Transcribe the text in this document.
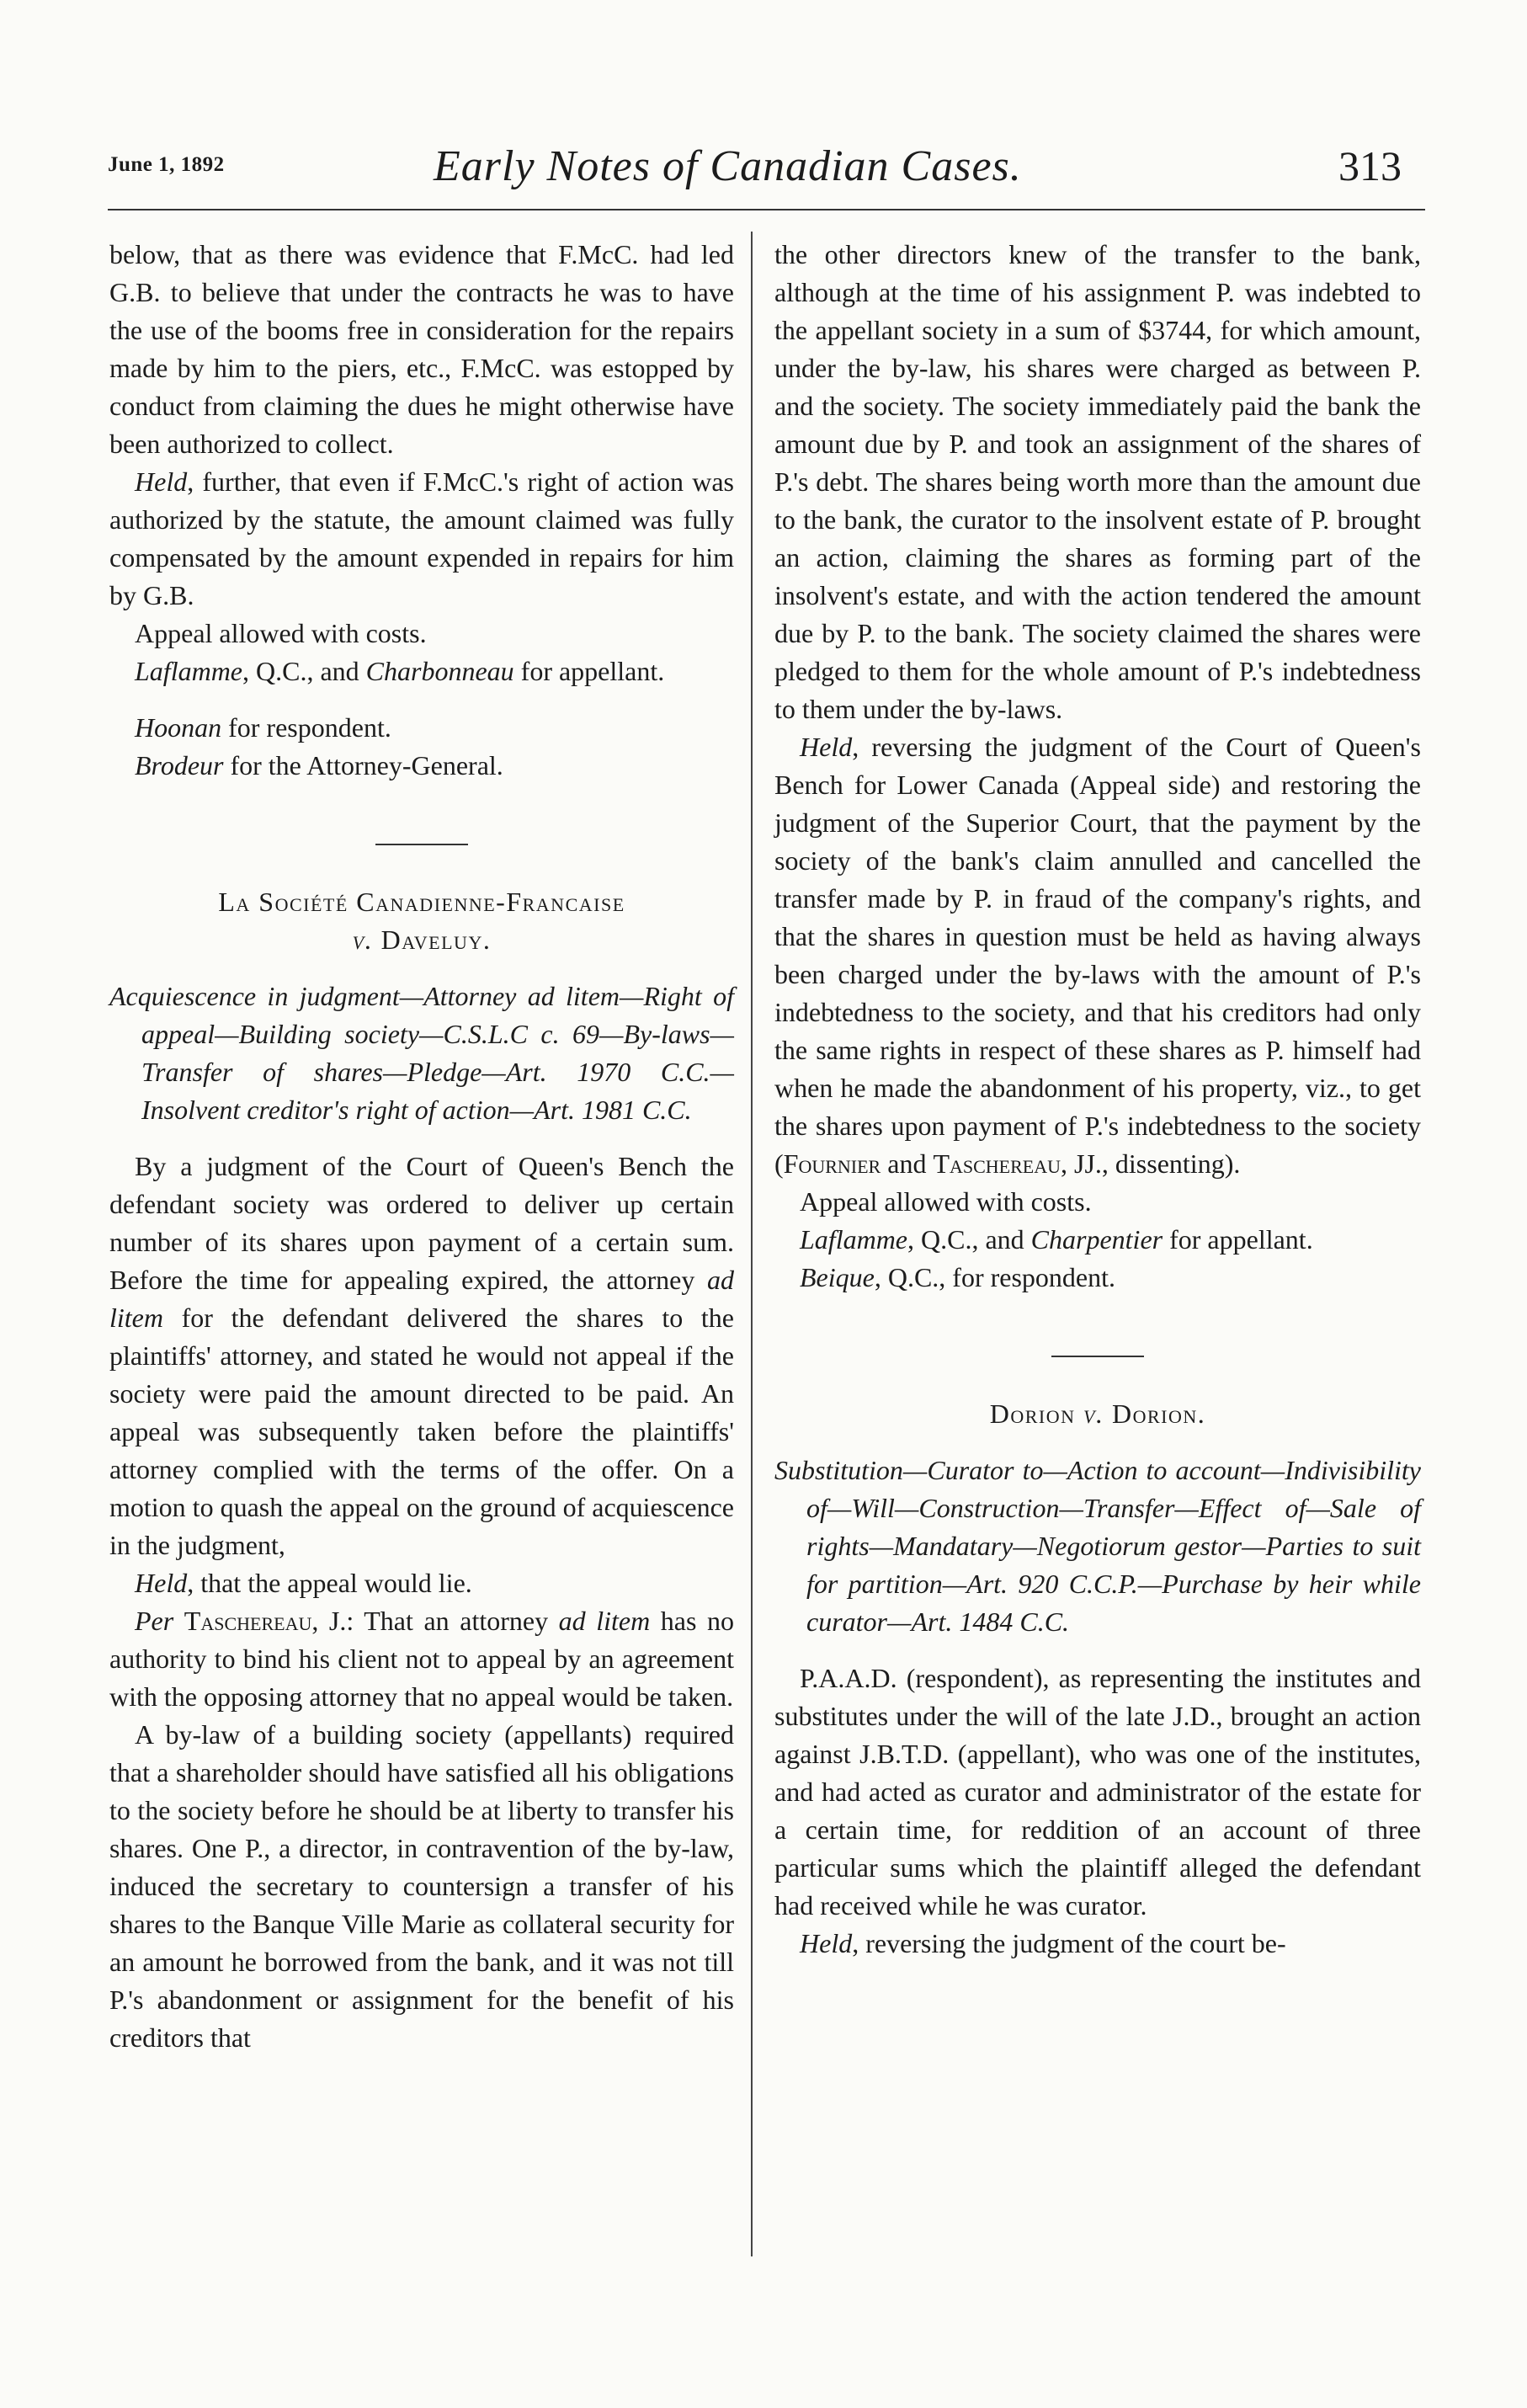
June 1, 1892	Early Notes of Canadian Cases.	313

below, that as there was evidence that F.McC. had led G.B. to believe that under the contracts he was to have the use of the booms free in consideration for the repairs made by him to the piers, etc., F.McC. was estopped by conduct from claiming the dues he might otherwise have been authorized to collect.

Held, further, that even if F.McC.'s right of action was authorized by the statute, the amount claimed was fully compensated by the amount expended in repairs for him by G.B.

Appeal allowed with costs.

Laflamme, Q.C., and Charbonneau for appellant.

Hoonan for respondent.

Brodeur for the Attorney-General.

La Société Canadienne-Francaise

v. Daveluy.

Acquiescence in judgment—Attorney ad litem—Right of appeal—Building society—C.S.L.C c. 69—By-laws—Transfer of shares—Pledge—Art. 1970 C.C.—Insolvent creditor's right of action—Art. 1981 C.C.

By a judgment of the Court of Queen's Bench the defendant society was ordered to deliver up certain number of its shares upon payment of a certain sum. Before the time for appealing expired, the attorney ad litem for the defendant delivered the shares to the plaintiffs' attorney, and stated he would not appeal if the society were paid the amount directed to be paid. An appeal was subsequently taken before the plaintiffs' attorney complied with the terms of the offer. On a motion to quash the appeal on the ground of acquiescence in the judgment,

Held, that the appeal would lie.

Per Taschereau, J.: That an attorney ad litem has no authority to bind his client not to appeal by an agreement with the opposing attorney that no appeal would be taken.

A by-law of a building society (appellants) required that a shareholder should have satisfied all his obligations to the society before he should be at liberty to transfer his shares. One P., a director, in contravention of the by-law, induced the secretary to countersign a transfer of his shares to the Banque Ville Marie as collateral security for an amount he borrowed from the bank, and it was not till P.'s abandonment or assignment for the benefit of his creditors that

the other directors knew of the transfer to the bank, although at the time of his assignment P. was indebted to the appellant society in a sum of $3744, for which amount, under the by-law, his shares were charged as between P. and the society. The society immediately paid the bank the amount due by P. and took an assignment of the shares of P.'s debt. The shares being worth more than the amount due to the bank, the curator to the insolvent estate of P. brought an action, claiming the shares as forming part of the insolvent's estate, and with the action tendered the amount due by P. to the bank. The society claimed the shares were pledged to them for the whole amount of P.'s indebtedness to them under the by-laws.

Held, reversing the judgment of the Court of Queen's Bench for Lower Canada (Appeal side) and restoring the judgment of the Superior Court, that the payment by the society of the bank's claim annulled and cancelled the transfer made by P. in fraud of the company's rights, and that the shares in question must be held as having always been charged under the by-laws with the amount of P.'s indebtedness to the society, and that his creditors had only the same rights in respect of these shares as P. himself had when he made the abandonment of his property, viz., to get the shares upon payment of P.'s indebtedness to the society (Fournier and Taschereau, JJ., dissenting).

Appeal allowed with costs.

Laflamme, Q.C., and Charpentier for appellant.

Beique, Q.C., for respondent.

Dorion v. Dorion.

Substitution—Curator to—Action to account—Indivisibility of—Will—Construction—Transfer—Effect of—Sale of rights—Mandatary—Negotiorum gestor—Parties to suit for partition—Art. 920 C.C.P.—Purchase by heir while curator—Art. 1484 C.C.

P.A.A.D. (respondent), as representing the institutes and substitutes under the will of the late J.D., brought an action against J.B.T.D. (appellant), who was one of the institutes, and had acted as curator and administrator of the estate for a certain time, for reddition of an account of three particular sums which the plaintiff alleged the defendant had received while he was curator.

Held, reversing the judgment of the court be-
